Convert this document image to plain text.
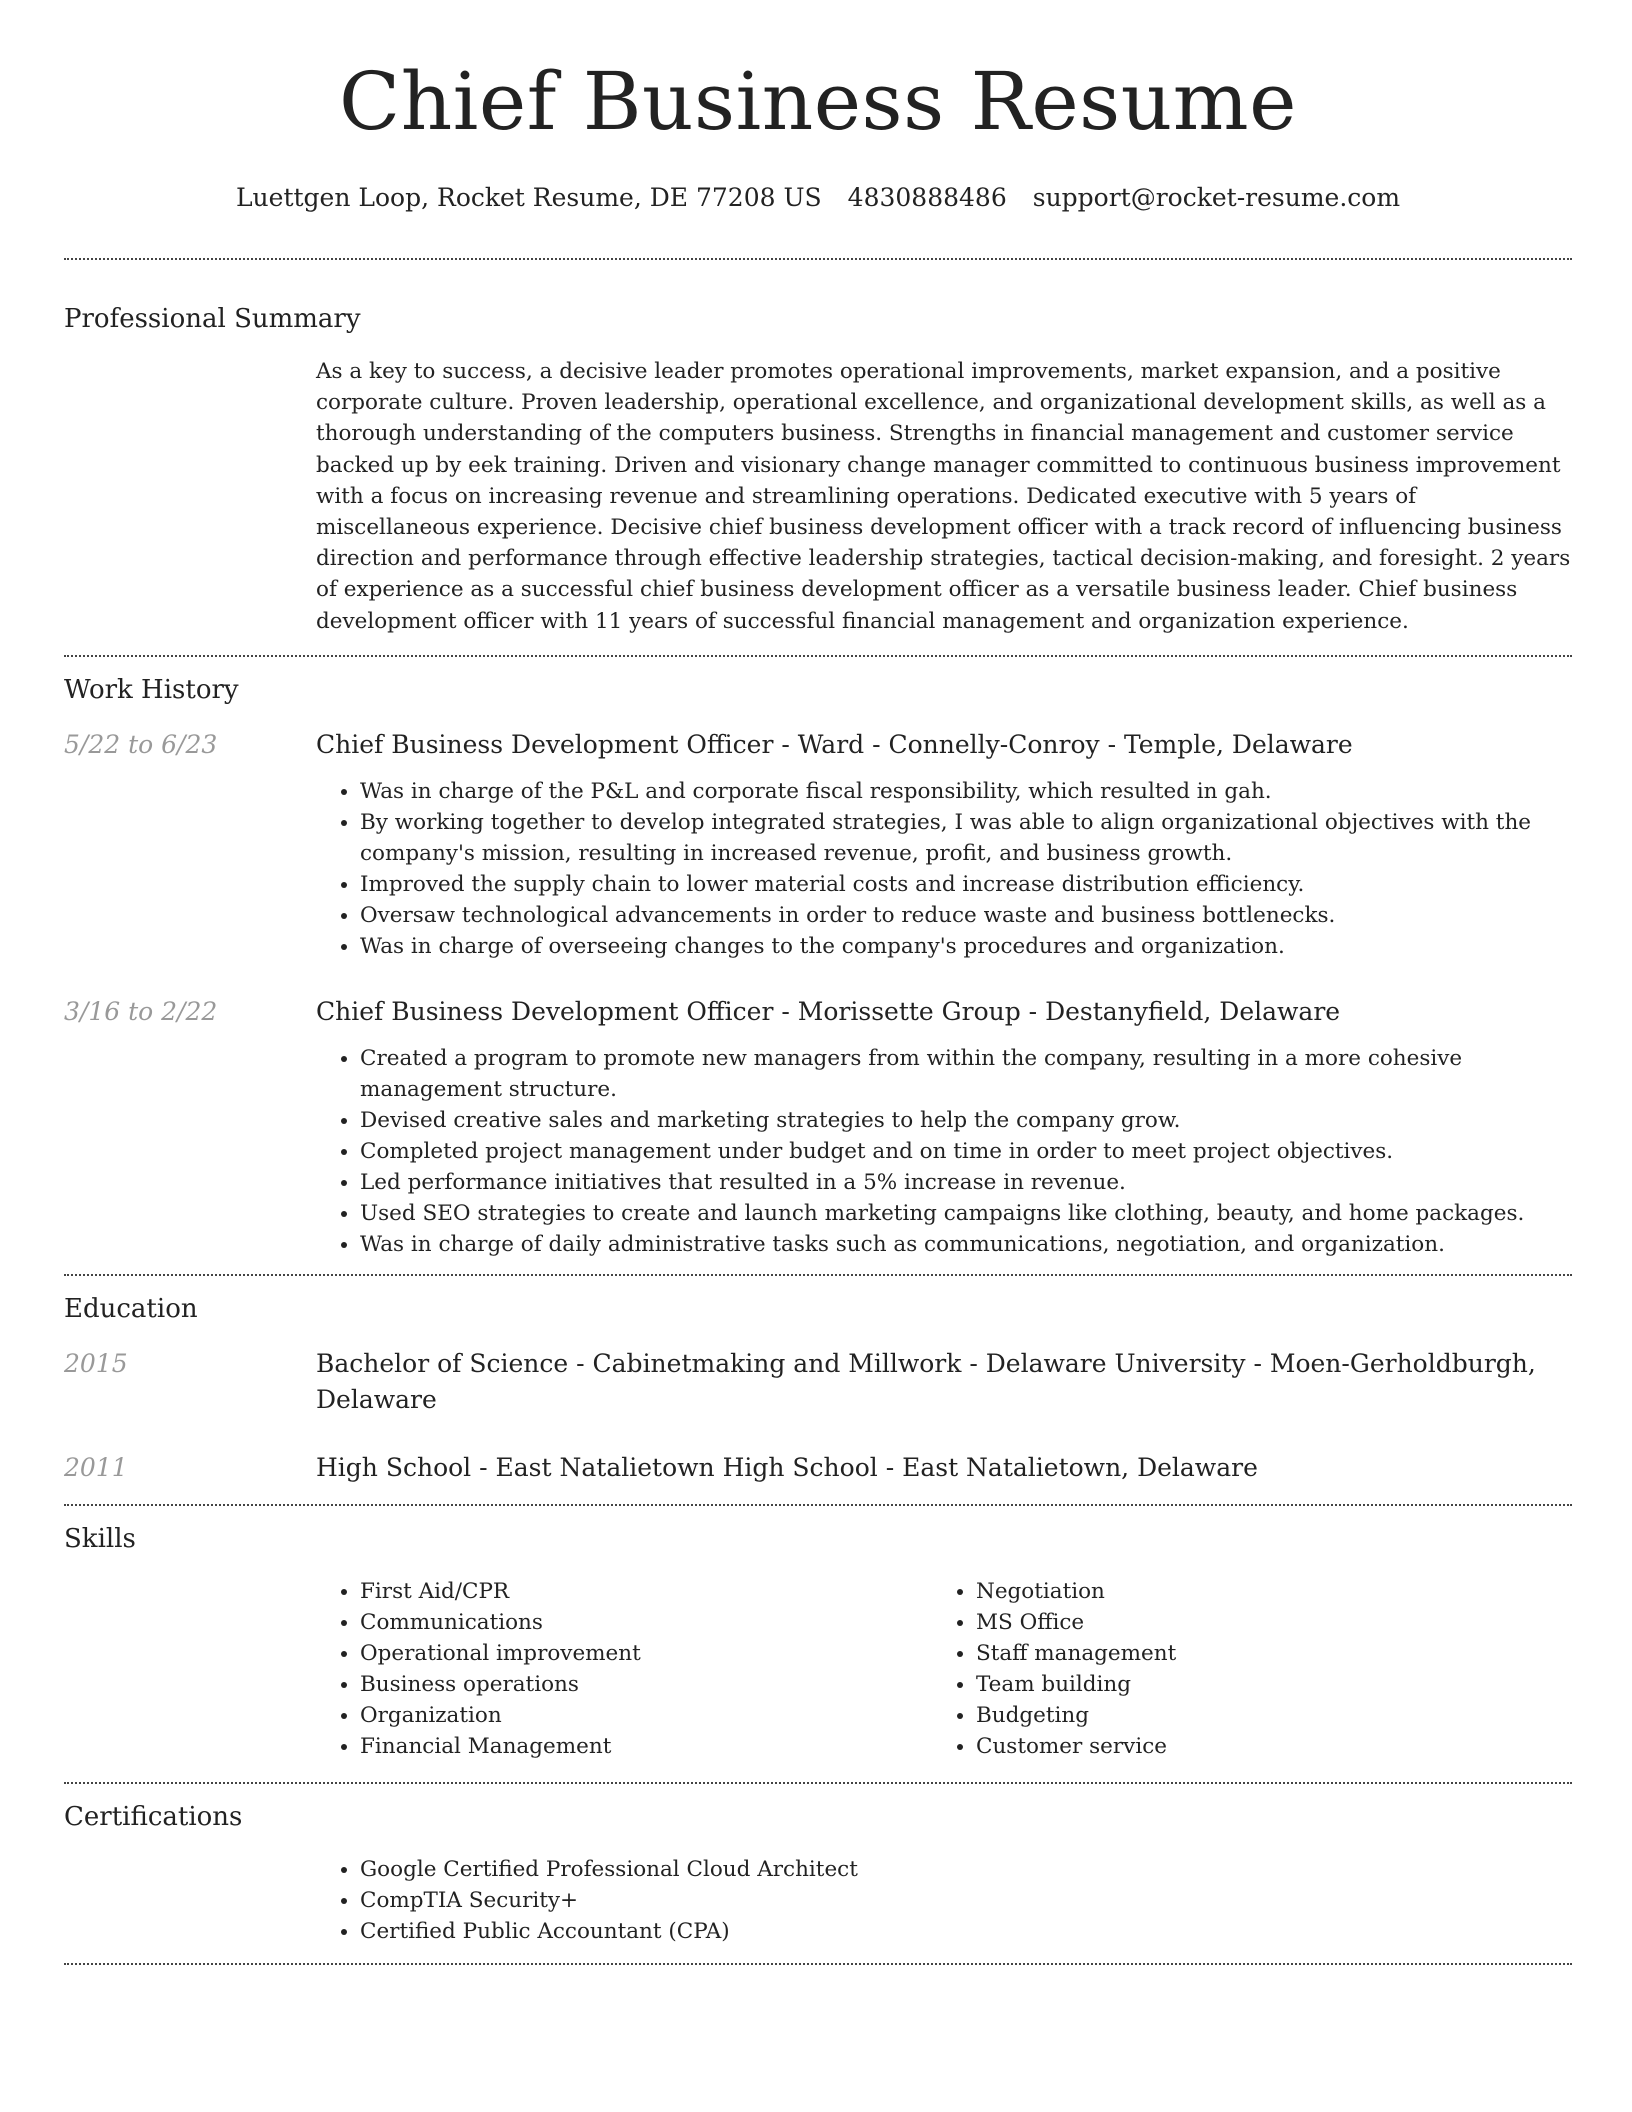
Chief Business Resume
Luettgen Loop, Rocket Resume, DE 77208 US 4830888486 support@rocket-resume.com
Professional Summary
As a key to success, a decisive leader promotes operational improvements, market expansion, and a positive corporate culture. Proven leadership, operational excellence, and organizational development skills, as well as a thorough understanding of the computers business. Strengths in financial management and customer service backed up by eek training. Driven and visionary change manager committed to continuous business improvement with a focus on increasing revenue and streamlining operations. Dedicated executive with 5 years of miscellaneous experience. Decisive chief business development officer with a track record of influencing business direction and performance through effective leadership strategies, tactical decision-making, and foresight. 2 years of experience as a successful chief business development officer as a versatile business leader. Chief business development officer with 11 years of successful financial management and organization experience.
Work History
5/22 to 6/23	Chief Business Development Officer - Ward - Connelly-Conroy - Temple, Delaware
• Was in charge of the P&L and corporate fiscal responsibility, which resulted in gah.
• By working together to develop integrated strategies, I was able to align organizational objectives with the company's mission, resulting in increased revenue, profit, and business growth.
• Improved the supply chain to lower material costs and increase distribution efficiency.
• Oversaw technological advancements in order to reduce waste and business bottlenecks.
• Was in charge of overseeing changes to the company's procedures and organization.
3/16 to 2/22	Chief Business Development Officer - Morissette Group - Destanyfield, Delaware
• Created a program to promote new managers from within the company, resulting in a more cohesive management structure.
• Devised creative sales and marketing strategies to help the company grow.
• Completed project management under budget and on time in order to meet project objectives.
• Led performance initiatives that resulted in a 5% increase in revenue.
• Used SEO strategies to create and launch marketing campaigns like clothing, beauty, and home packages.
• Was in charge of daily administrative tasks such as communications, negotiation, and organization.
Education
2015	Bachelor of Science - Cabinetmaking and Millwork - Delaware University - Moen-Gerholdburgh, Delaware
2011	High School - East Natalietown High School - East Natalietown, Delaware
Skills
• First Aid/CPR
• Communications
• Operational improvement
• Business operations
• Organization
• Financial Management
• Negotiation
• MS Office
• Staff management
• Team building
• Budgeting
• Customer service
Certifications
• Google Certified Professional Cloud Architect
• CompTIA Security+
• Certified Public Accountant (CPA)
